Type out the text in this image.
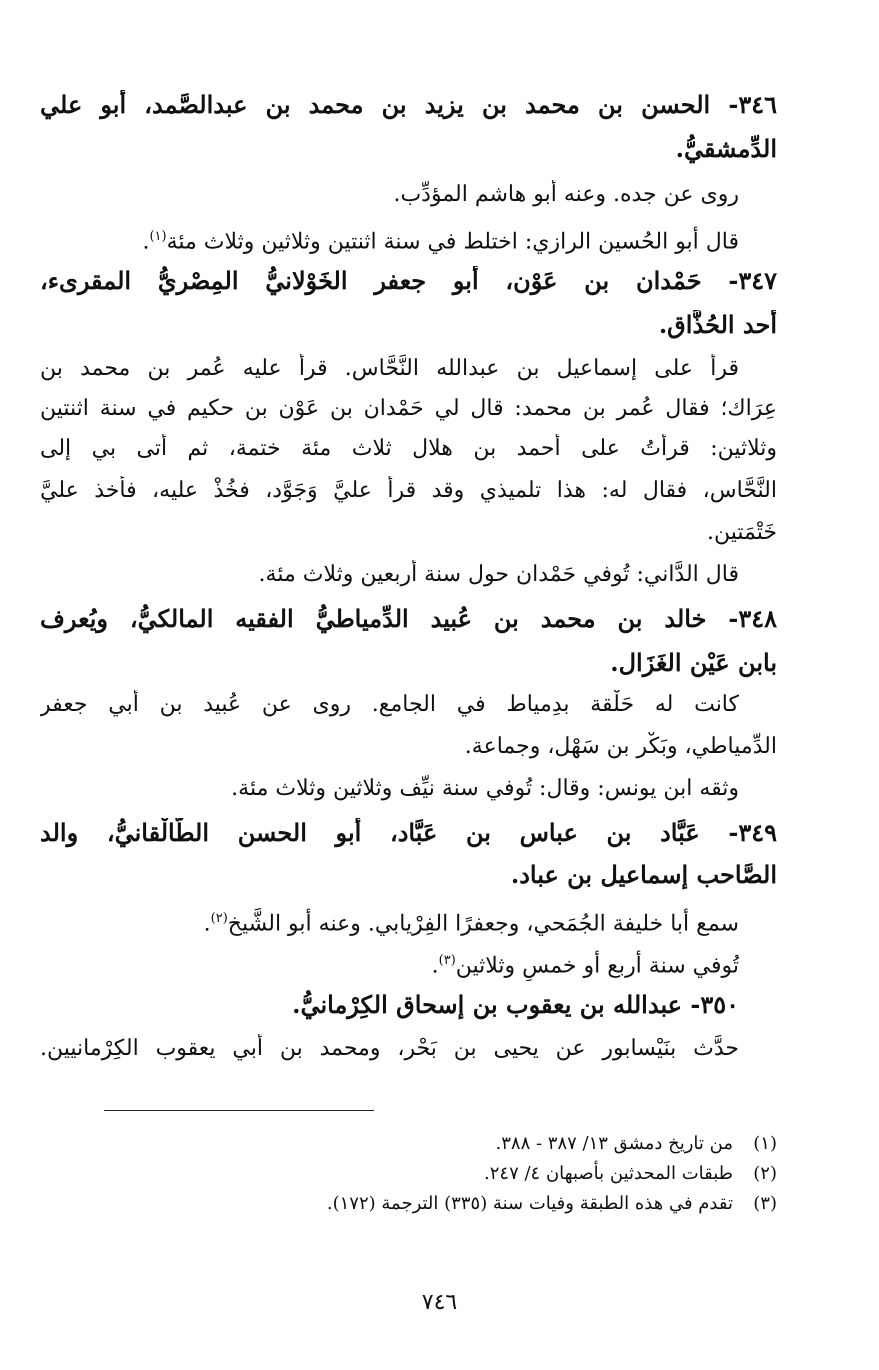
٣٤٦- الحسن بن محمد بن يزيد بن محمد بن عبدالصَّمد، أبو علي
الدِّمشقيُّ.
روى عن جده. وعنه أبو هاشم المؤدِّب.
قال أبو الحُسين الرازي: اختلط في سنة اثنتين وثلاثين وثلاث مئة$^{(١)}$.
٣٤٧- حَمْدان بن عَوْن، أبو جعفر الخَوْلانيُّ المِصْريُّ المقرىء،
أحد الحُذَّاق.
قرأ على إسماعيل بن عبدالله النَّحَّاس. قرأ عليه عُمر بن محمد بن
عِرَاك؛ فقال عُمر بن محمد: قال لي حَمْدان بن عَوْن بن حكيم في سنة اثنتين
وثلاثين: قرأتُ على أحمد بن هلال ثلاث مئة ختمة، ثم أتى بي إلى
النَّحَّاس، فقال له: هذا تلميذي وقد قرأ عليَّ وَجَوَّد، فخُذْ عليه، فأخذ عليَّ
خَتْمَتين.
قال الدَّاني: تُوفي حَمْدان حول سنة أربعين وثلاث مئة.
٣٤٨- خالد بن محمد بن عُبيد الدِّمياطيُّ الفقيه المالكيُّ، ويُعرف
بابن عَيْن الغَزَال.
كانت له حَلْقة بدِمياط في الجامع. روى عن عُبيد بن أبي جعفر
الدِّمياطي، وبَكْر بن سَهْل، وجماعة.
وثقه ابن يونس: وقال: تُوفي سنة نيِّف وثلاثين وثلاث مئة.
٣٤٩- عَبَّاد بن عباس بن عَبَّاد، أبو الحسن الطَّالْقانيُّ، والد
الصَّاحب إسماعيل بن عباد.
سمع أبا خليفة الجُمَحي، وجعفرًا الفِرْيابي. وعنه أبو الشَّيخ$^{(٢)}$.
تُوفي سنة أربع أو خمسٍ وثلاثين$^{(٣)}$.
٣٥٠- عبدالله بن يعقوب بن إسحاق الكِرْمانيُّ.
حدَّث بنَيْسابور عن يحيى بن بَحْر، ومحمد بن أبي يعقوب الكِرْمانيين.
(١)من تاريخ دمشق ١٣/ ٣٨٧ - ٣٨٨.
(٢)طبقات المحدثين بأصبهان ٤/ ٢٤٧.
(٣)تقدم في هذه الطبقة وفيات سنة (٣٣٥) الترجمة (١٧٢).
٧٤٦
